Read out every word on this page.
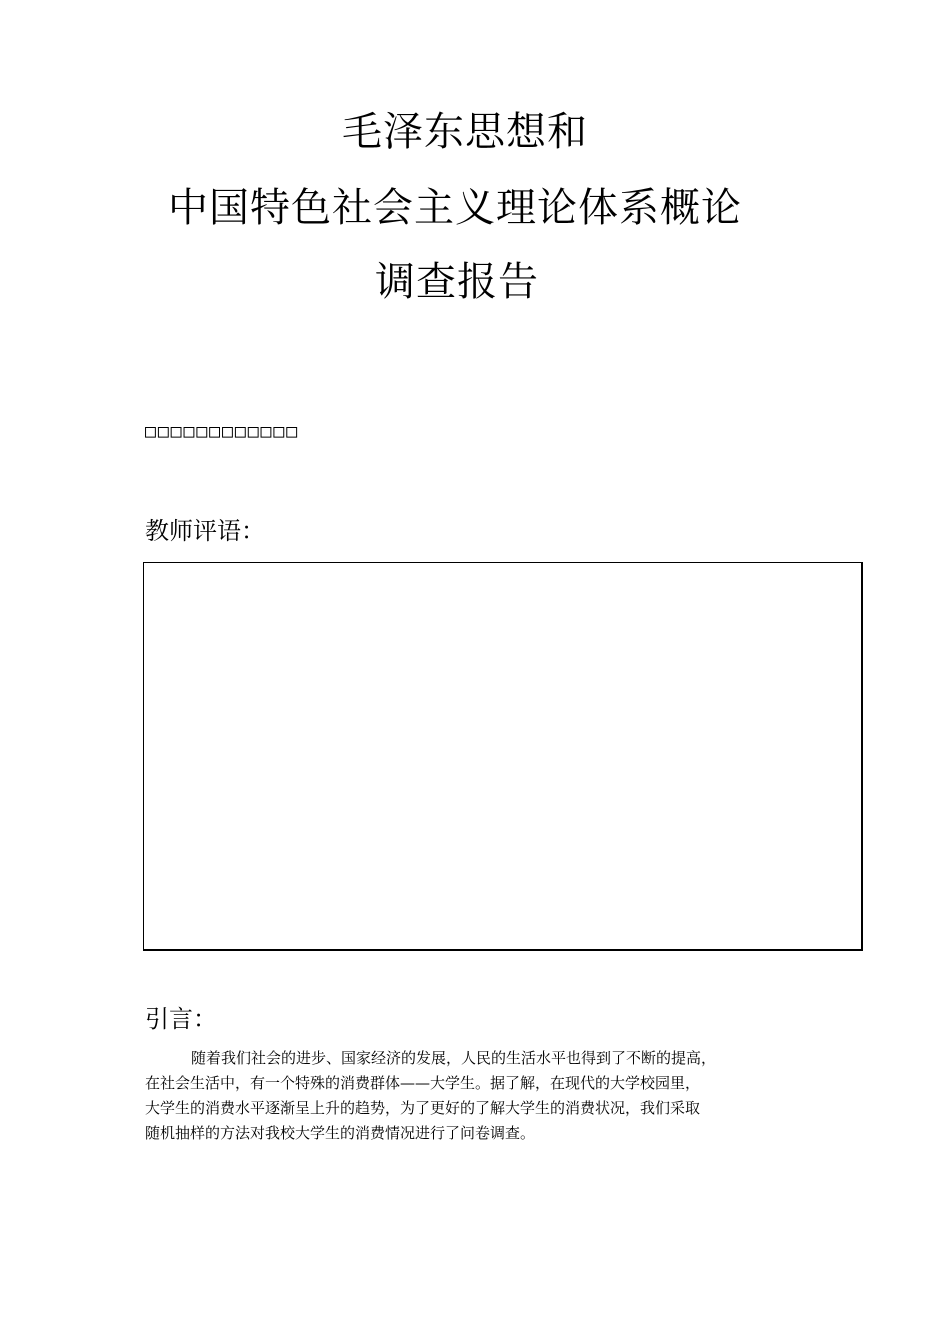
毛泽东思想和
中国特色社会主义理论体系概论
调查报告
□□□□□□□□□□□□
教师评语：
引言：

随着我们社会的进步、国家经济的发展，人民的生活水平也得到了不断的提高，
在社会生活中，有一个特殊的消费群体——大学生。据了解，在现代的大学校园里，
大学生的消费水平逐渐呈上升的趋势，为了更好的了解大学生的消费状况，我们采取
随机抽样的方法对我校大学生的消费情况进行了问卷调查。
